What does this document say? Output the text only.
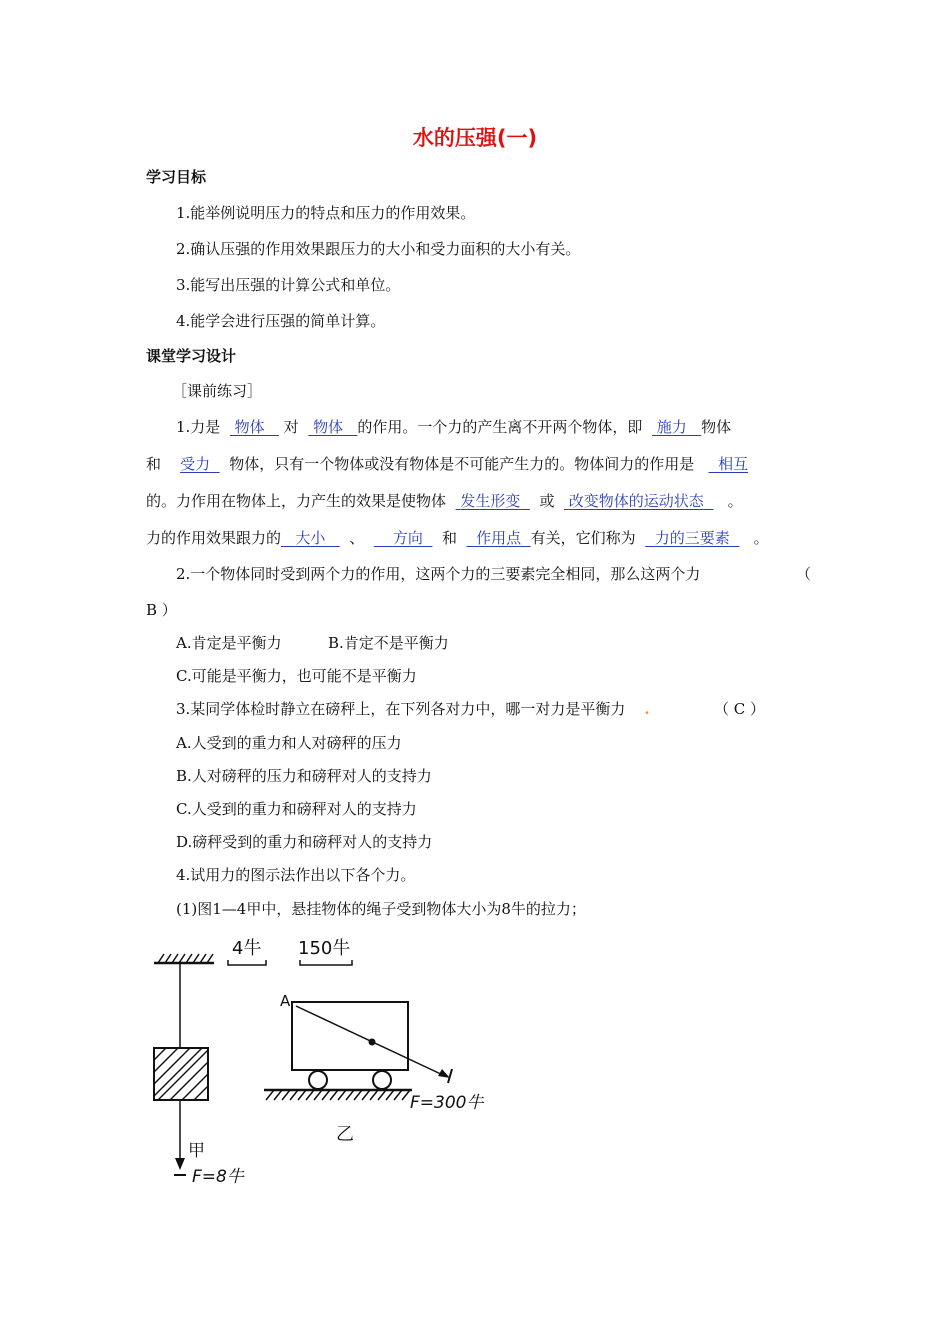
水的压强(一)
学习目标
1.能举例说明压力的特点和压力的作用效果。
2.确认压强的作用效果跟压力的大小和受力面积的大小有关。
3.能写出压强的计算公式和单位。
4.能学会进行压强的简单计算。
课堂学习设计
［课前练习］
1.力是 物体 对 物体 的作用。一个力的产生离不开两个物体，即 施力 物体
和 受力 物体，只有一个物体或没有物体是不可能产生力的。物体间力的作用是 相互
的。力作用在物体上，力产生的效果是使物体 发生形变 或 改变物体的运动状态 。
力的作用效果跟力的 大小 、 方向 和 作用点 有关，它们称为 力的三要素 。
2.一个物体同时受到两个力的作用，这两个力的三要素完全相同，那么这两个力	（
B ）
A.肯定是平衡力	B.肯定不是平衡力
C.可能是平衡力，也可能不是平衡力
3.某同学体检时静立在磅秤上，在下列各对力中，哪一对力是平衡力 .	（ C ）
A.人受到的重力和人对磅秤的压力
B.人对磅秤的压力和磅秤对人的支持力
C.人受到的重力和磅秤对人的支持力
D.磅秤受到的重力和磅秤对人的支持力
4.试用力的图示法作出以下各个力。
(1)图1—4甲中，悬挂物体的绳子受到物体大小为8牛的拉力；
甲
F=8牛
4牛 150牛
A
F=300牛
乙
